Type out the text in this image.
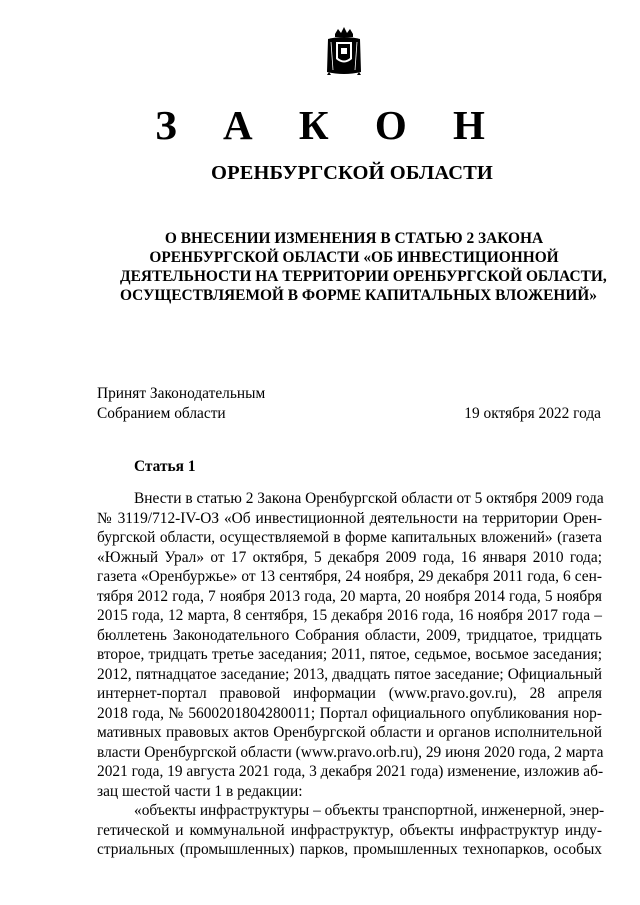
З А К О Н
ОРЕНБУРГСКОЙ ОБЛАСТИ
О ВНЕСЕНИИ ИЗМЕНЕНИЯ В СТАТЬЮ 2 ЗАКОНА
ОРЕНБУРГСКОЙ ОБЛАСТИ «ОБ ИНВЕСТИЦИОННОЙ
ДЕЯТЕЛЬНОСТИ НА ТЕРРИТОРИИ ОРЕНБУРГСКОЙ ОБЛАСТИ,
ОСУЩЕСТВЛЯЕМОЙ В ФОРМЕ КАПИТАЛЬНЫХ ВЛОЖЕНИЙ»
Принят Законодательным
Собранием области	19 октября 2022 года
Статья 1
Внести в статью 2 Закона Оренбургской области от 5 октября 2009 года
№ 3119/712-IV-ОЗ «Об инвестиционной деятельности на территории Орен-
бургской области, осуществляемой в форме капитальных вложений» (газета
«Южный Урал» от 17 октября, 5 декабря 2009 года, 16 января 2010 года;
газета «Оренбуржье» от 13 сентября, 24 ноября, 29 декабря 2011 года, 6 сен-
тября 2012 года, 7 ноября 2013 года, 20 марта, 20 ноября 2014 года, 5 ноября
2015 года, 12 марта, 8 сентября, 15 декабря 2016 года, 16 ноября 2017 года –
бюллетень Законодательного Собрания области, 2009, тридцатое, тридцать
второе, тридцать третье заседания; 2011, пятое, седьмое, восьмое заседания;
2012, пятнадцатое заседание; 2013, двадцать пятое заседание; Официальный
интернет-портал правовой информации (www.pravo.gov.ru), 28 апреля
2018 года, № 5600201804280011; Портал официального опубликования нор-
мативных правовых актов Оренбургской области и органов исполнительной
власти Оренбургской области (www.pravo.orb.ru), 29 июня 2020 года, 2 марта
2021 года, 19 августа 2021 года, 3 декабря 2021 года) изменение, изложив аб-
зац шестой части 1 в редакции:
«объекты инфраструктуры – объекты транспортной, инженерной, энер-
гетической и коммунальной инфраструктур, объекты инфраструктур инду-
стриальных (промышленных) парков, промышленных технопарков, особых
